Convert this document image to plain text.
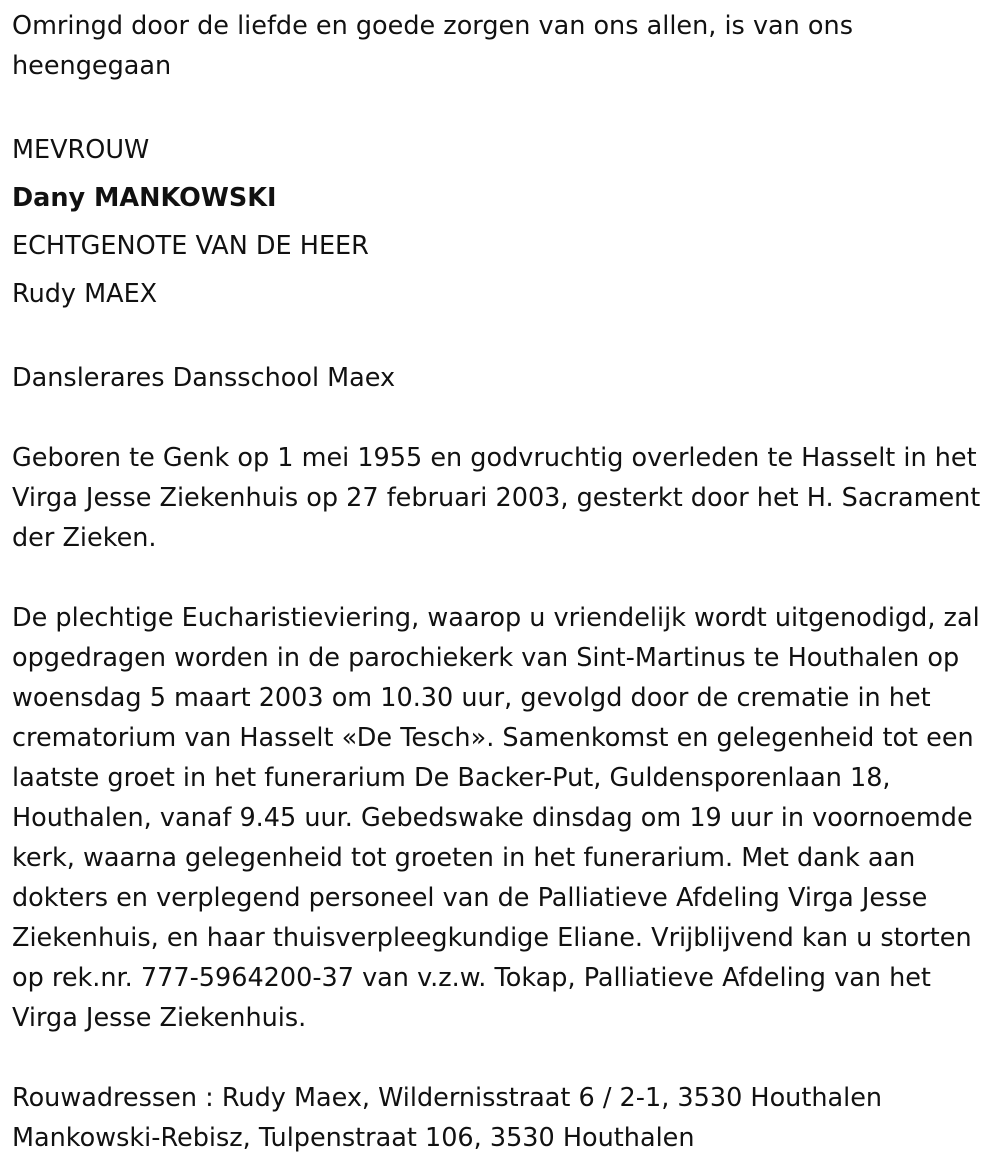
Omringd door de liefde en goede zorgen van ons allen, is van ons heengegaan

MEVROUW
Dany MANKOWSKI
ECHTGENOTE VAN DE HEER
Rudy MAEX

Danslerares Dansschool Maex

Geboren te Genk op 1 mei 1955 en godvruchtig overleden te Hasselt in het Virga Jesse Ziekenhuis op 27 februari 2003, gesterkt door het H. Sacrament der Zieken.

De plechtige Eucharistieviering, waarop u vriendelijk wordt uitgenodigd, zal opgedragen worden in de parochiekerk van Sint-Martinus te Houthalen op woensdag 5 maart 2003 om 10.30 uur, gevolgd door de crematie in het crematorium van Hasselt «De Tesch». Samenkomst en gelegenheid tot een laatste groet in het funerarium De Backer-Put, Guldensporenlaan 18, Houthalen, vanaf 9.45 uur. Gebedswake dinsdag om 19 uur in voornoemde kerk, waarna gelegenheid tot groeten in het funerarium. Met dank aan dokters en verplegend personeel van de Palliatieve Afdeling Virga Jesse Ziekenhuis, en haar thuisverpleegkundige Eliane. Vrijblijvend kan u storten op rek.nr. 777-5964200-37 van v.z.w. Tokap, Palliatieve Afdeling van het Virga Jesse Ziekenhuis.

Rouwadressen : Rudy Maex, Wildernisstraat 6 / 2-1, 3530 Houthalen
Mankowski-Rebisz, Tulpenstraat 106, 3530 Houthalen
